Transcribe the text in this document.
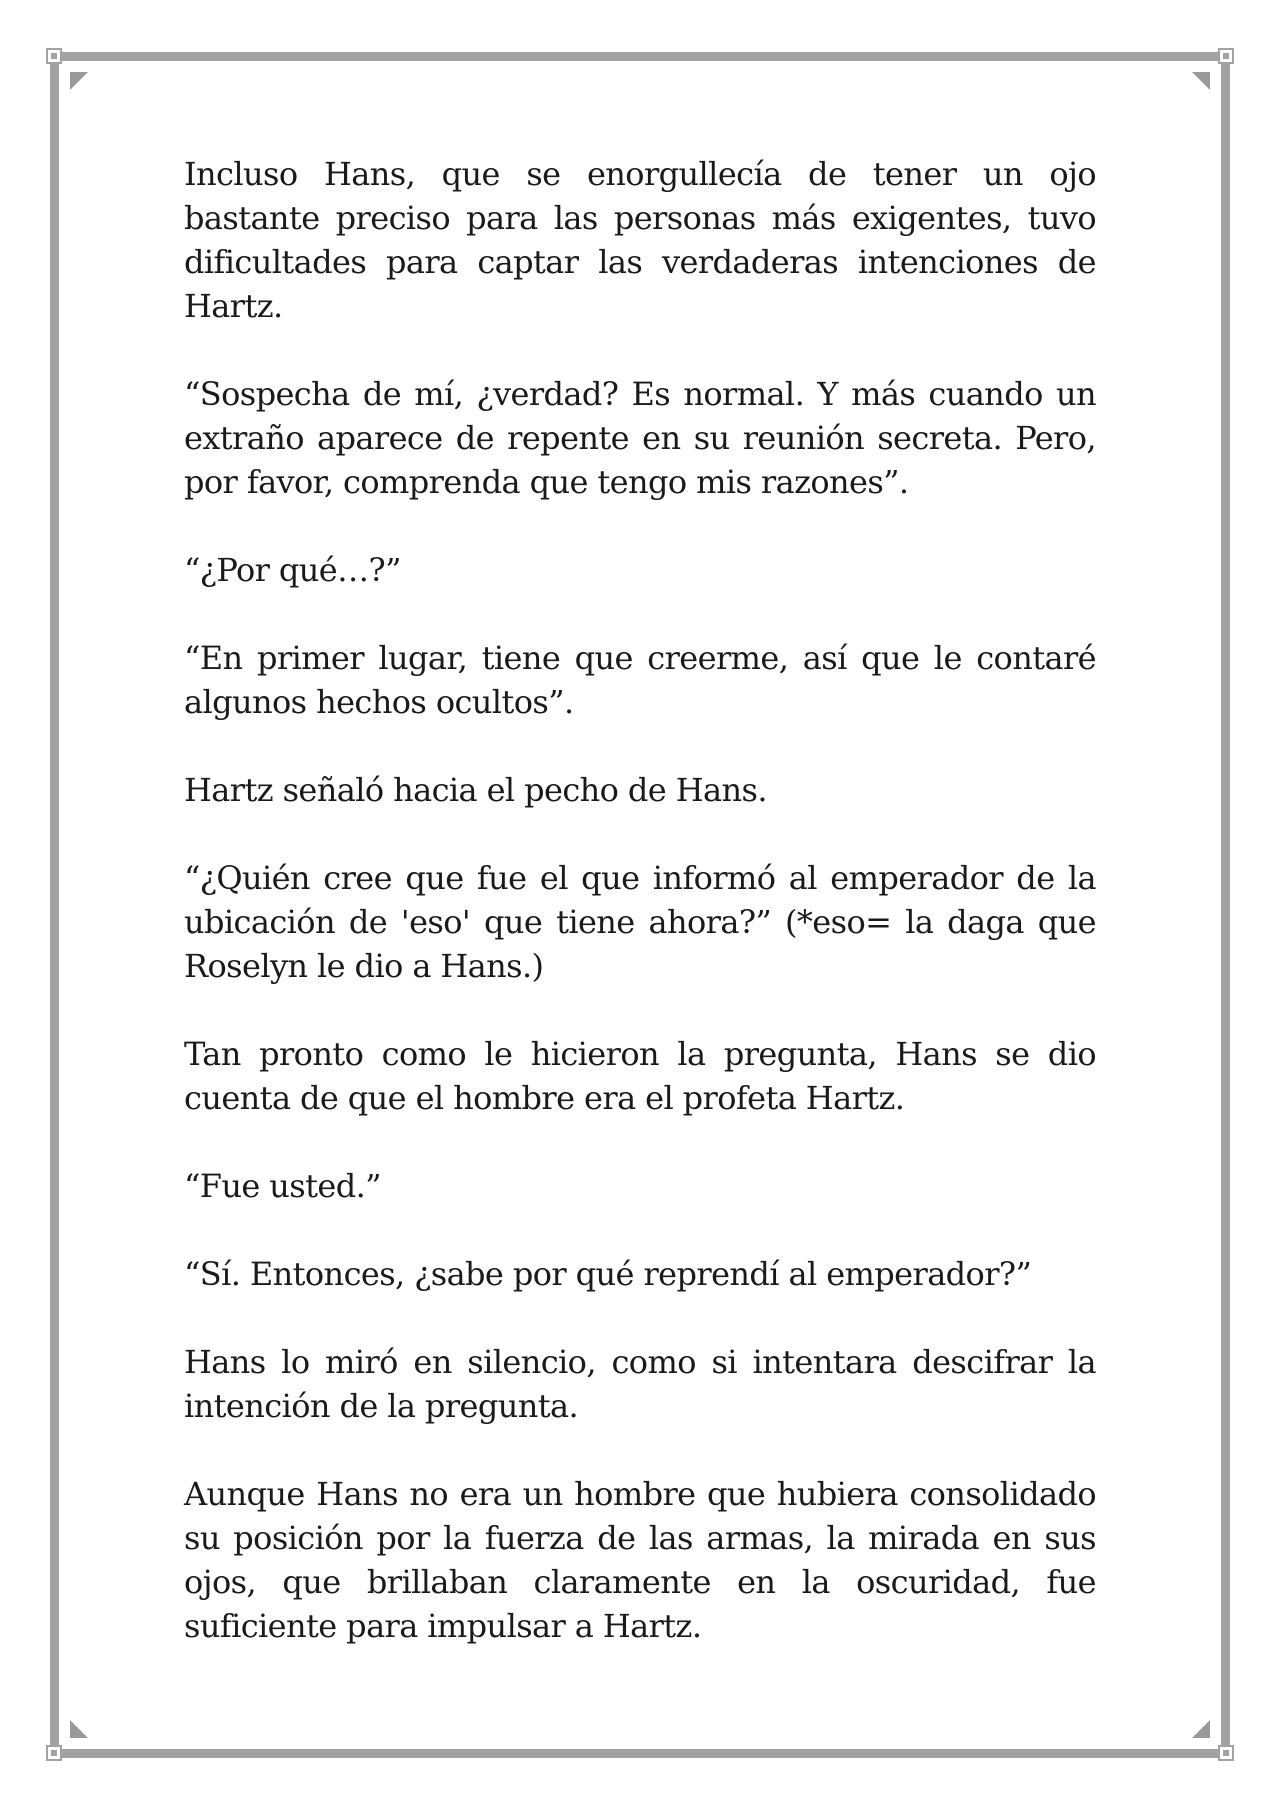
Incluso Hans, que se enorgullecía de tener un ojo bastante preciso para las personas más exigentes, tuvo dificultades para captar las verdaderas intenciones de Hartz.

“Sospecha de mí, ¿verdad? Es normal. Y más cuando un extraño aparece de repente en su reunión secreta. Pero, por favor, comprenda que tengo mis razones”.

“¿Por qué…?”

“En primer lugar, tiene que creerme, así que le contaré algunos hechos ocultos”.

Hartz señaló hacia el pecho de Hans.

“¿Quién cree que fue el que informó al emperador de la ubicación de 'eso' que tiene ahora?” (*eso= la daga que Roselyn le dio a Hans.)

Tan pronto como le hicieron la pregunta, Hans se dio cuenta de que el hombre era el profeta Hartz.

“Fue usted.”

“Sí. Entonces, ¿sabe por qué reprendí al emperador?”

Hans lo miró en silencio, como si intentara descifrar la intención de la pregunta.

Aunque Hans no era un hombre que hubiera consolidado su posición por la fuerza de las armas, la mirada en sus ojos, que brillaban claramente en la oscuridad, fue suficiente para impulsar a Hartz.
